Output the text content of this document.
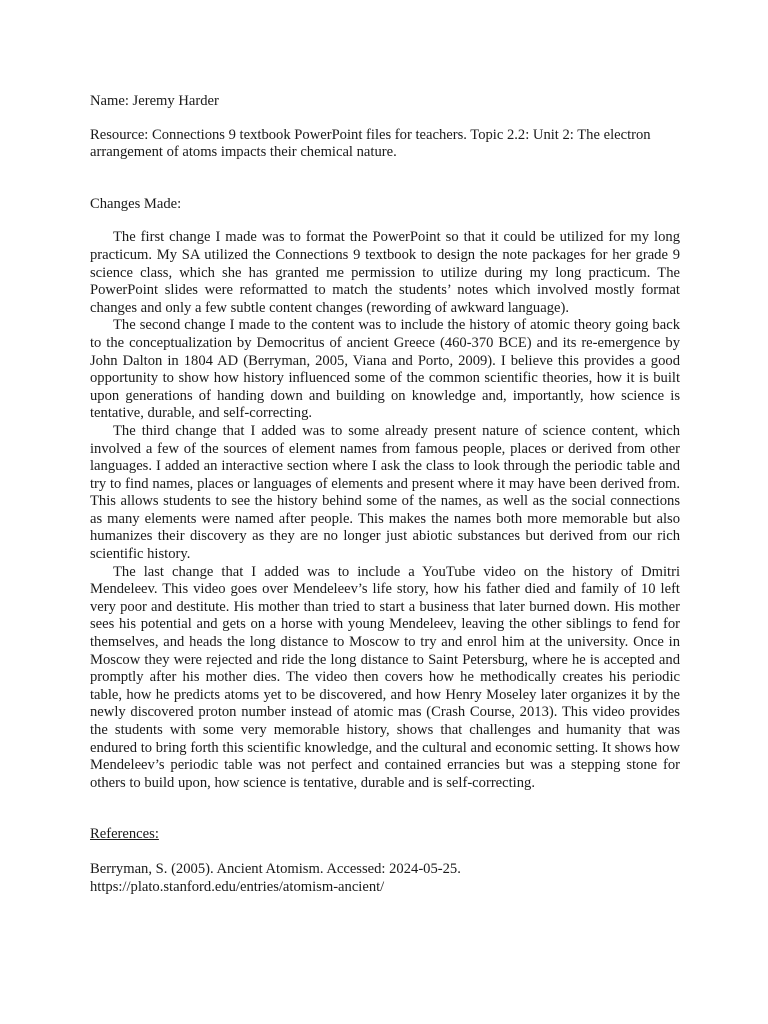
Name: Jeremy Harder

Resource: Connections 9 textbook PowerPoint files for teachers. Topic 2.2: Unit 2: The electron arrangement of atoms impacts their chemical nature.

Changes Made:

The first change I made was to format the PowerPoint so that it could be utilized for my long practicum. My SA utilized the Connections 9 textbook to design the note packages for her grade 9 science class, which she has granted me permission to utilize during my long practicum. The PowerPoint slides were reformatted to match the students’ notes which involved mostly format changes and only a few subtle content changes (rewording of awkward language).

The second change I made to the content was to include the history of atomic theory going back to the conceptualization by Democritus of ancient Greece (460-370 BCE) and its re-emergence by John Dalton in 1804 AD (Berryman, 2005, Viana and Porto, 2009). I believe this provides a good opportunity to show how history influenced some of the common scientific theories, how it is built upon generations of handing down and building on knowledge and, importantly, how science is tentative, durable, and self-correcting.

The third change that I added was to some already present nature of science content, which involved a few of the sources of element names from famous people, places or derived from other languages. I added an interactive section where I ask the class to look through the periodic table and try to find names, places or languages of elements and present where it may have been derived from. This allows students to see the history behind some of the names, as well as the social connections as many elements were named after people. This makes the names both more memorable but also humanizes their discovery as they are no longer just abiotic substances but derived from our rich scientific history.

The last change that I added was to include a YouTube video on the history of Dmitri Mendeleev. This video goes over Mendeleev’s life story, how his father died and family of 10 left very poor and destitute. His mother than tried to start a business that later burned down. His mother sees his potential and gets on a horse with young Mendeleev, leaving the other siblings to fend for themselves, and heads the long distance to Moscow to try and enrol him at the university. Once in Moscow they were rejected and ride the long distance to Saint Petersburg, where he is accepted and promptly after his mother dies. The video then covers how he methodically creates his periodic table, how he predicts atoms yet to be discovered, and how Henry Moseley later organizes it by the newly discovered proton number instead of atomic mas (Crash Course, 2013). This video provides the students with some very memorable history, shows that challenges and humanity that was endured to bring forth this scientific knowledge, and the cultural and economic setting. It shows how Mendeleev’s periodic table was not perfect and contained errancies but was a stepping stone for others to build upon, how science is tentative, durable and is self-correcting.

References:

Berryman, S. (2005). Ancient Atomism. Accessed: 2024-05-25.
https://plato.stanford.edu/entries/atomism-ancient/
